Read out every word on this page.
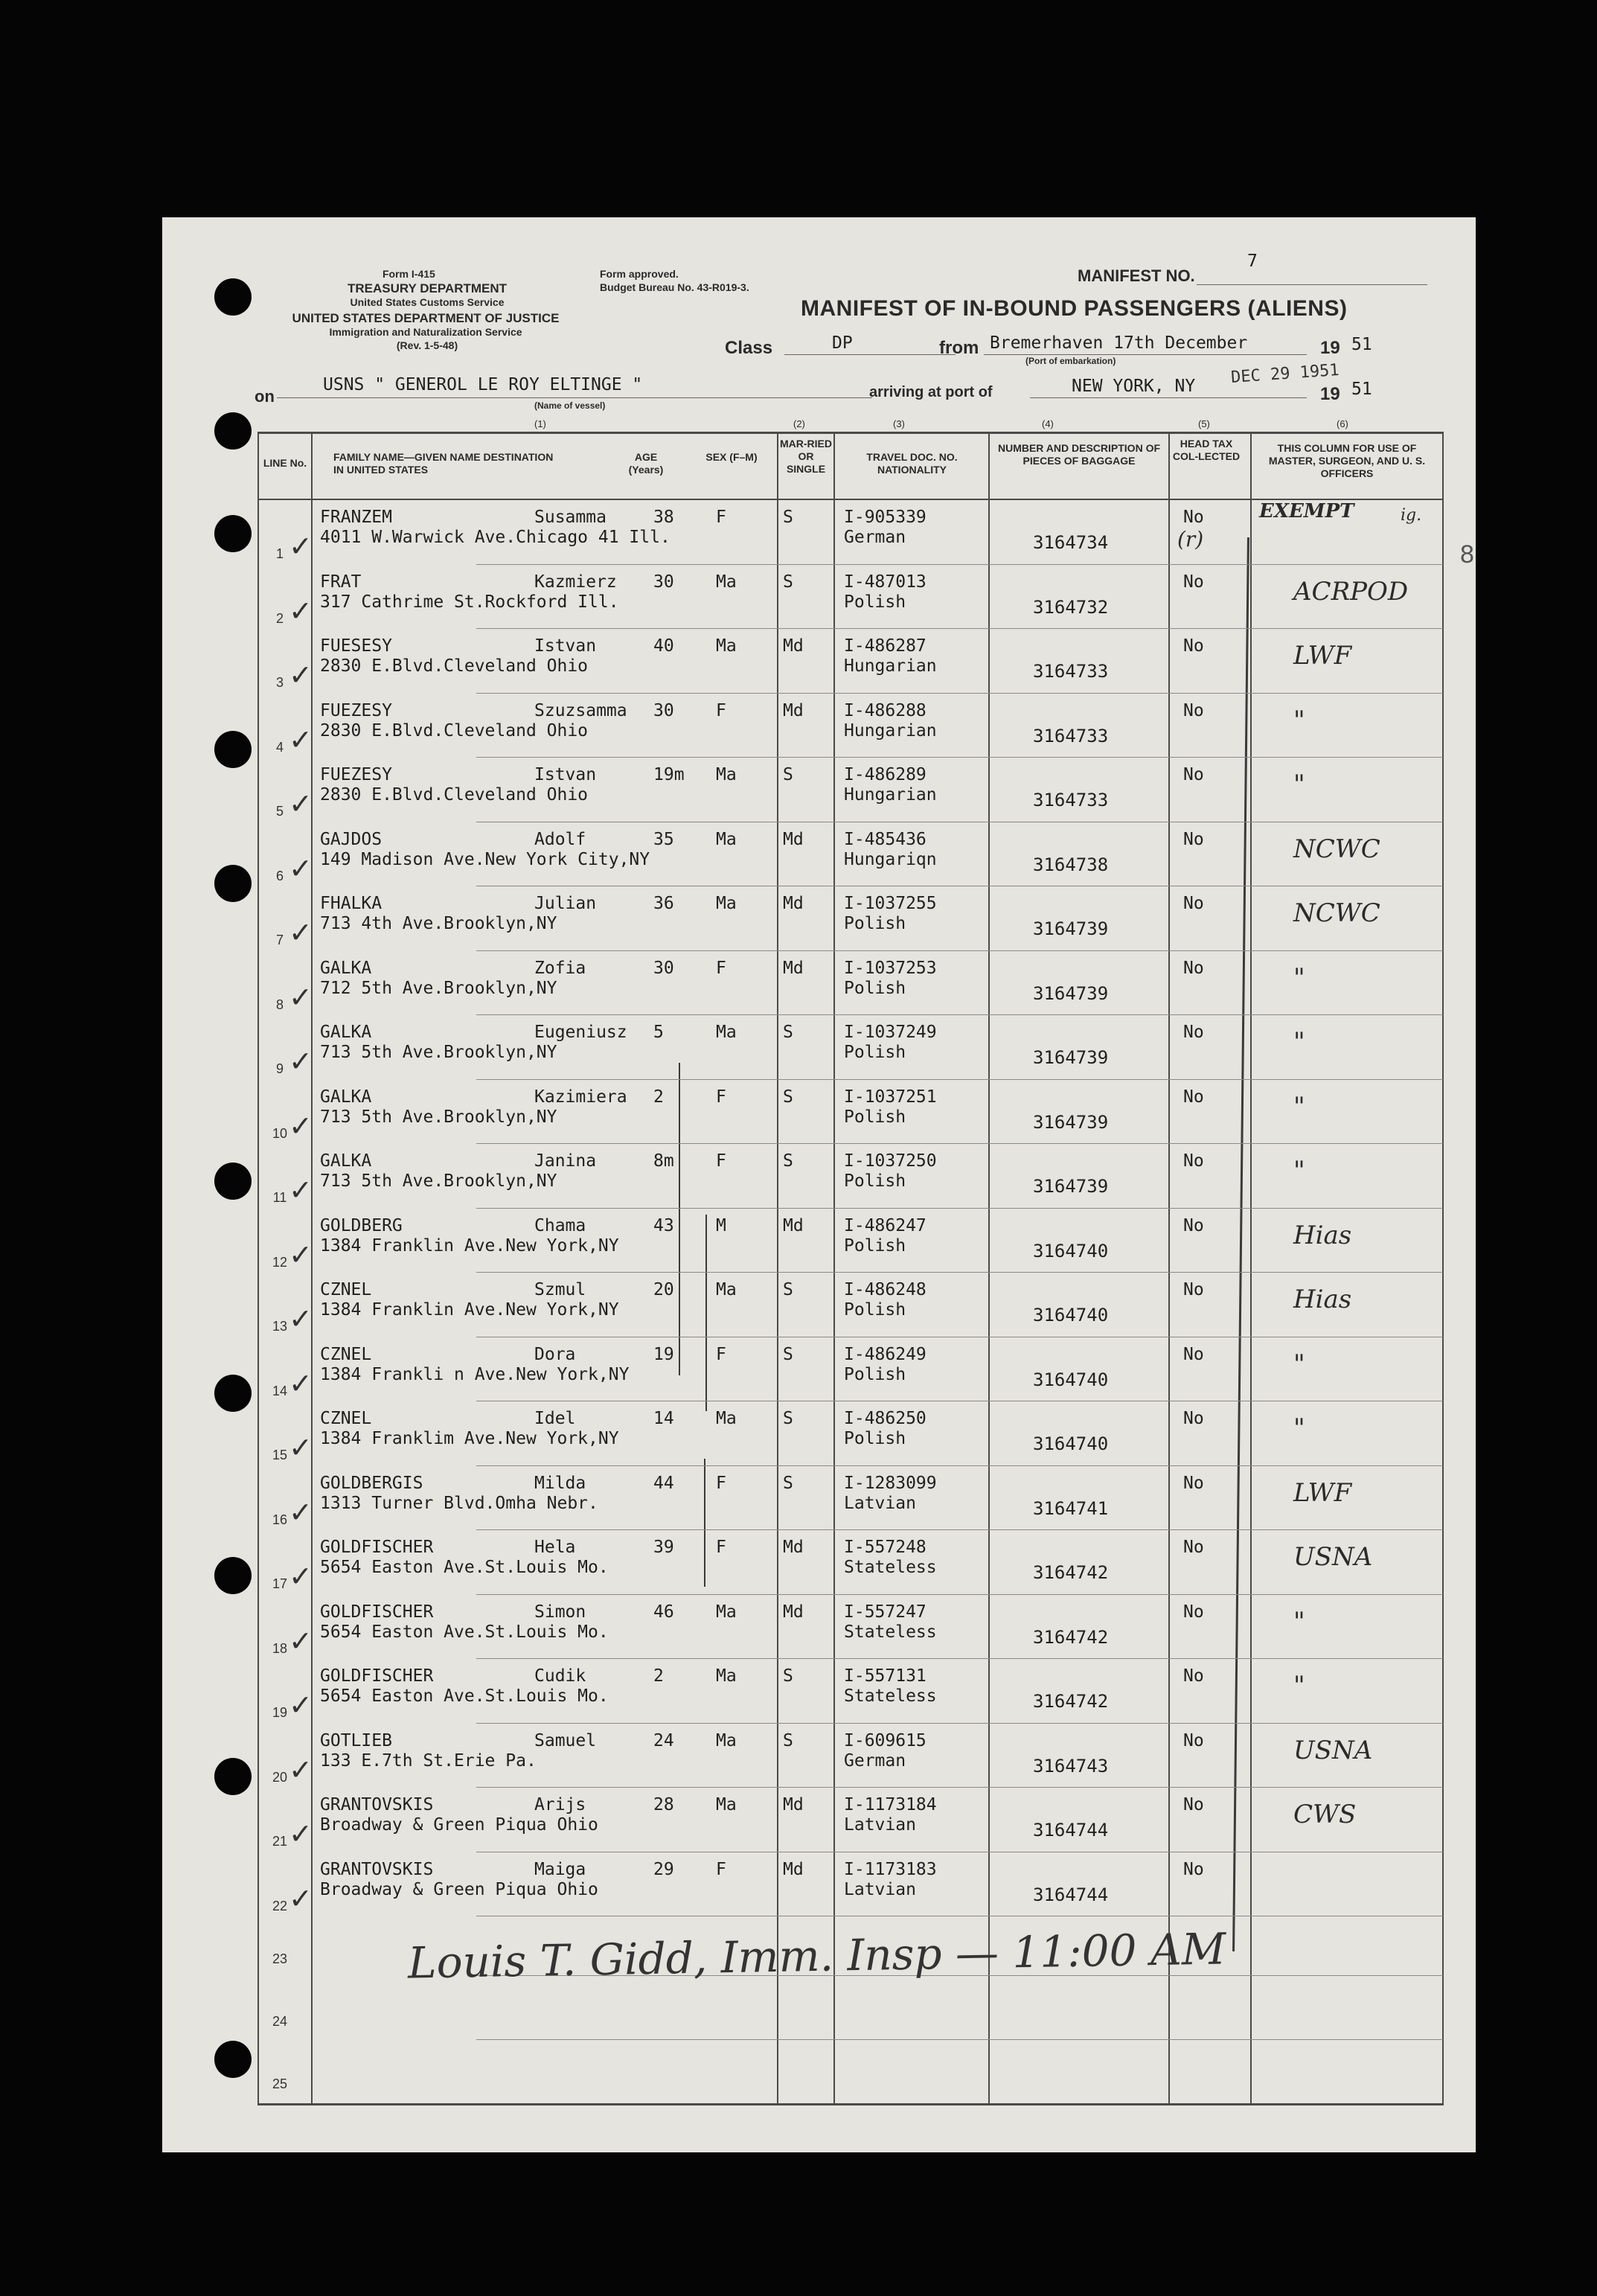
Form I-415
TREASURY DEPARTMENT
United States Customs Service
UNITED STATES DEPARTMENT OF JUSTICE
Immigration and Naturalization Service
(Rev. 1-5-48)
Form approved.
Budget Bureau No. 43-R019-3.
MANIFEST NO.
7
MANIFEST OF IN-BOUND PASSENGERS (ALIENS)
Class	DP	from Bremerhaven 17th December
(Port of embarkation)
19 51
on
USNS " GENEROL LE ROY ELTINGE "
(Name of vessel)
arriving at port of	NEW YORK, NY DEC 29 1951
19 51
8
(1)	(2)	(3)	(4)	(5)	(6)
LINE No.	FAMILY NAME—GIVEN NAME DESTINATION IN UNITED STATES
AGE (Years)
SEX (F–M)
MAR-RIED OR SINGLE
TRAVEL DOC. NO. NATIONALITY
NUMBER AND DESCRIPTION OF PIECES OF BAGGAGE
HEAD TAX COL-LECTED
THIS COLUMN FOR USE OF MASTER, SURGEON, AND U. S. OFFICERS
1 ✓
FRANZEM	Susamma	38 F	S	I-905339
German
4011 W.Warwick Ave.Chicago 41 Ill.	3164734
No
(r)
EXEMPT	ig.
2 ✓
FRAT	Kazmierz 30 Ma	S	I-487013
Polish
317 Cathrime St.Rockford Ill.	3164732
No	ACRPOD
3 ✓
FUESESY	Istvan	40 Ma	Md I-486287
Hungarian
2830 E.Blvd.Cleveland Ohio	3164733
No	LWF
4 ✓
FUEZESY	Szuzsamma 30 F	Md I-486288
Hungarian
2830 E.Blvd.Cleveland Ohio	3164733
No	"
5 ✓
FUEZESY	Istvan	19m Ma	S	I-486289
Hungarian
2830 E.Blvd.Cleveland Ohio	3164733
No	"
6 ✓
GAJDOS	Adolf	35 Ma	Md I-485436
Hungariqn
149 Madison Ave.New York City,NY	3164738
No	NCWC
7 ✓
FHALKA	Julian	36 Ma	Md I-1037255
Polish
713 4th Ave.Brooklyn,NY	3164739
No	NCWC
8 ✓
GALKA	Zofia	30 F	Md I-1037253
Polish
712 5th Ave.Brooklyn,NY	3164739
No	"
9 ✓
GALKA	Eugeniusz 5	Ma	S	I-1037249
Polish
713 5th Ave.Brooklyn,NY	3164739
No	"
10 ✓
GALKA	Kazimiera 2	F	S	I-1037251
Polish
713 5th Ave.Brooklyn,NY	3164739
No	"
11 ✓
GALKA	Janina	8m F	S	I-1037250
Polish
713 5th Ave.Brooklyn,NY	3164739
No	"
12 ✓
GOLDBERG	Chama	43 M	Md I-486247
Polish
1384 Franklin Ave.New York,NY	3164740
No	Hias
13 ✓
CZNEL	Szmul	20 Ma	S	I-486248
Polish
1384 Franklin Ave.New York,NY	3164740
No	Hias
14 ✓
CZNEL	Dora	19 F	S	I-486249
Polish
1384 Frankli n Ave.New York,NY	3164740
No	"
15 ✓
CZNEL	Idel	14 Ma	S	I-486250
Polish
1384 Franklim Ave.New York,NY	3164740
No	"
16 ✓
GOLDBERGIS	Milda	44 F	S	I-1283099
Latvian
1313 Turner Blvd.Omha Nebr.	3164741
No	LWF
17 ✓
GOLDFISCHER	Hela	39 F	Md I-557248
Stateless
5654 Easton Ave.St.Louis Mo.	3164742
No	USNA
18 ✓
GOLDFISCHER	Simon	46 Ma	Md I-557247
Stateless
5654 Easton Ave.St.Louis Mo.	3164742
No	"
19 ✓
GOLDFISCHER	Cudik	2	Ma	S	I-557131
Stateless
5654 Easton Ave.St.Louis Mo.	3164742
No	"
20 ✓
GOTLIEB	Samuel	24 Ma	S	I-609615
German
133 E.7th St.Erie Pa.	3164743
No	USNA
21 ✓
GRANTOVSKIS	Arijs	28 Ma	Md I-1173184
Latvian
Broadway & Green Piqua Ohio	3164744
No	CWS
22 ✓
GRANTOVSKIS	Maiga	29 F	Md I-1173183
Latvian
Broadway & Green Piqua Ohio	3164744
No
23
24
25
Louis T. Gidd, Imm. Insp — 11:00 AM
